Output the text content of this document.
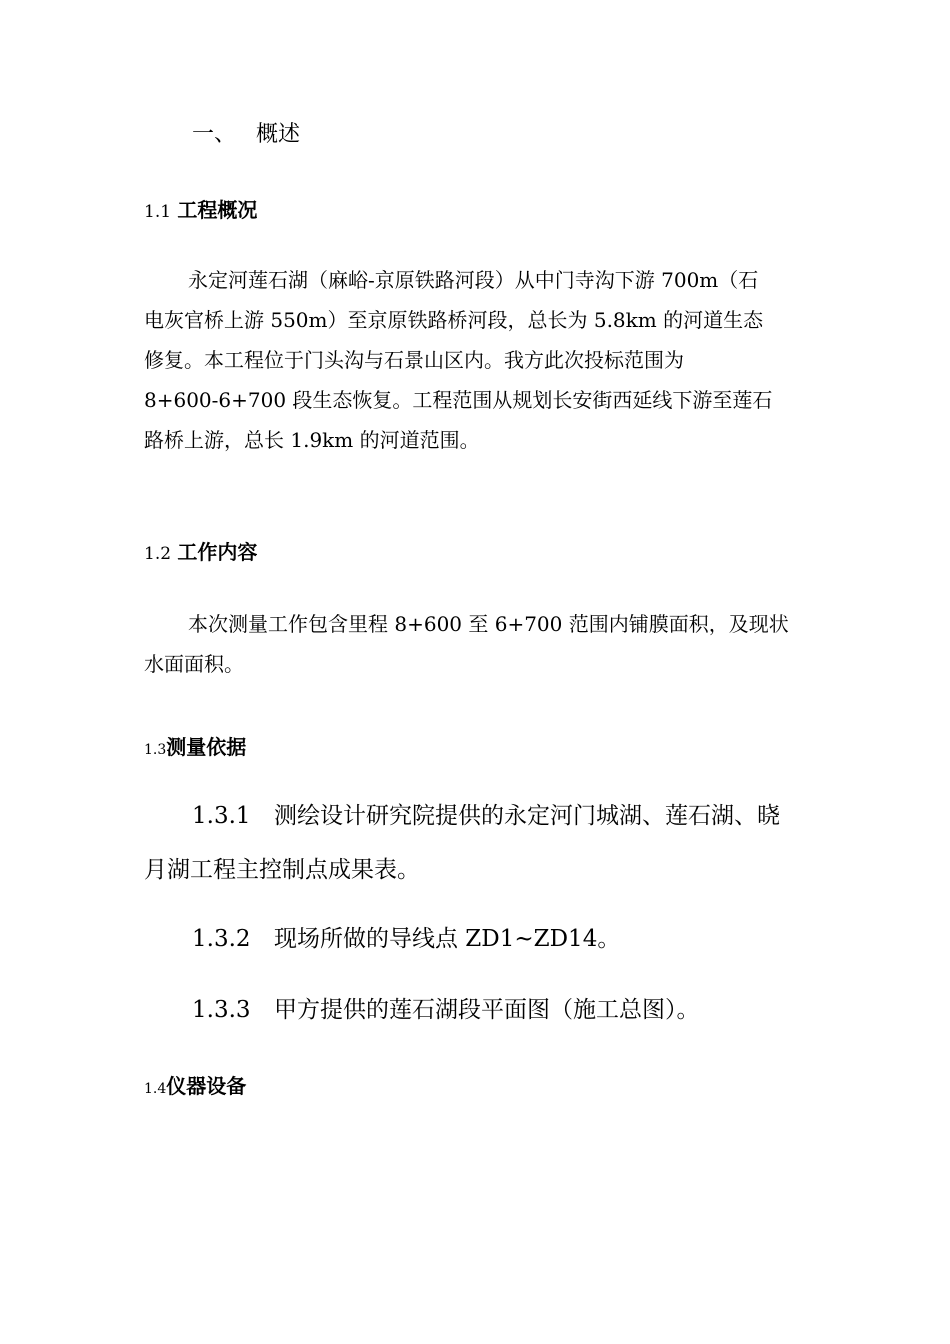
一、 概述
1.1 工程概况
永定河莲石湖（麻峪-京原铁路河段）从中门寺沟下游 700m（石
电灰官桥上游 550m）至京原铁路桥河段，总长为 5.8km 的河道生态
修复。本工程位于门头沟与石景山区内。我方此次投标范围为
8+600-6+700 段生态恢复。工程范围从规划长安街西延线下游至莲石
路桥上游，总长 1.9km 的河道范围。
1.2 工作内容
本次测量工作包含里程 8+600 至 6+700 范围内铺膜面积，及现状
水面面积。
1.3测量依据
1.3.1 测绘设计研究院提供的永定河门城湖、莲石湖、晓
月湖工程主控制点成果表。
1.3.2 现场所做的导线点 ZD1~ZD14。
1.3.3 甲方提供的莲石湖段平面图（施工总图）。
1.4仪器设备
